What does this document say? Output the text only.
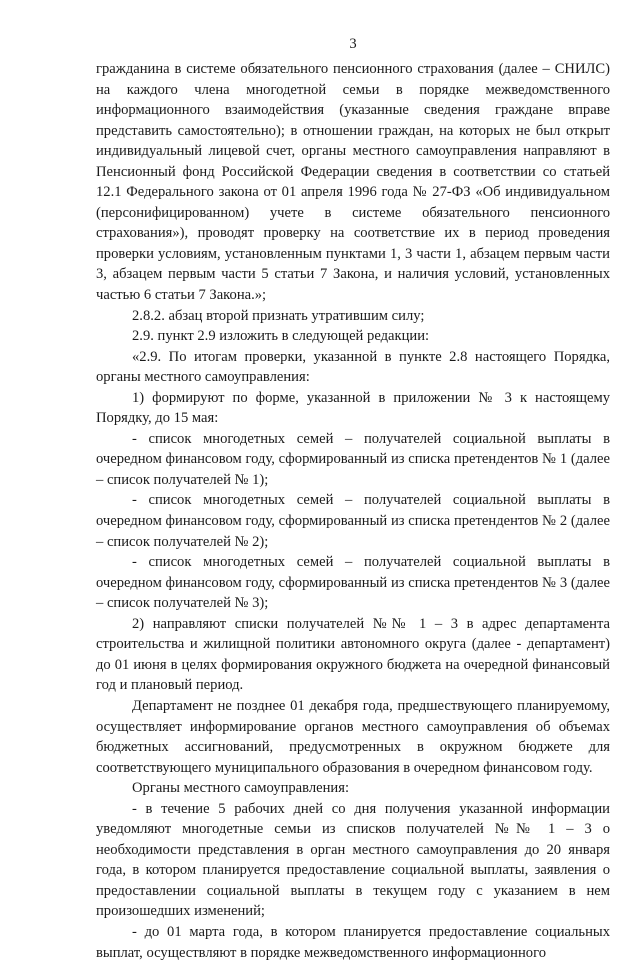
3

гражданина в системе обязательного пенсионного страхования (далее – СНИЛС) на каждого члена многодетной семьи в порядке межведомственного информационного взаимодействия (указанные сведения граждане вправе представить самостоятельно); в отношении граждан, на которых не был открыт индивидуальный лицевой счет, органы местного самоуправления направляют в Пенсионный фонд Российской Федерации сведения в соответствии со статьей 12.1 Федерального закона от 01 апреля 1996 года № 27-ФЗ «Об индивидуальном (персонифицированном) учете в системе обязательного пенсионного страхования»), проводят проверку на соответствие их в период проведения проверки условиям, установленным пунктами 1, 3 части 1, абзацем первым части 3, абзацем первым части 5 статьи 7 Закона, и наличия условий, установленных частью 6 статьи 7 Закона.»;

2.8.2. абзац второй признать утратившим силу;

2.9. пункт 2.9 изложить в следующей редакции:

«2.9. По итогам проверки, указанной в пункте 2.8 настоящего Порядка, органы местного самоуправления:

1) формируют по форме, указанной в приложении № 3 к настоящему Порядку, до 15 мая:

- список многодетных семей – получателей социальной выплаты в очередном финансовом году, сформированный из списка претендентов № 1 (далее – список получателей № 1);

- список многодетных семей – получателей социальной выплаты в очередном финансовом году, сформированный из списка претендентов № 2 (далее – список получателей № 2);

- список многодетных семей – получателей социальной выплаты в очередном финансовом году, сформированный из списка претендентов № 3 (далее – список получателей № 3);

2) направляют списки получателей №№ 1 – 3 в адрес департамента строительства и жилищной политики автономного округа (далее - департамент) до 01 июня в целях формирования окружного бюджета на очередной финансовый год и плановый период.

Департамент не позднее 01 декабря года, предшествующего планируемому, осуществляет информирование органов местного самоуправления об объемах бюджетных ассигнований, предусмотренных в окружном бюджете для соответствующего муниципального образования в очередном финансовом году.

Органы местного самоуправления:

- в течение 5 рабочих дней со дня получения указанной информации уведомляют многодетные семьи из списков получателей №№ 1 – 3 о необходимости представления в орган местного самоуправления до 20 января года, в котором планируется предоставление социальной выплаты, заявления о предоставлении социальной выплаты в текущем году с указанием в нем произошедших изменений;

- до 01 марта года, в котором планируется предоставление социальных выплат, осуществляют в порядке межведомственного информационного
